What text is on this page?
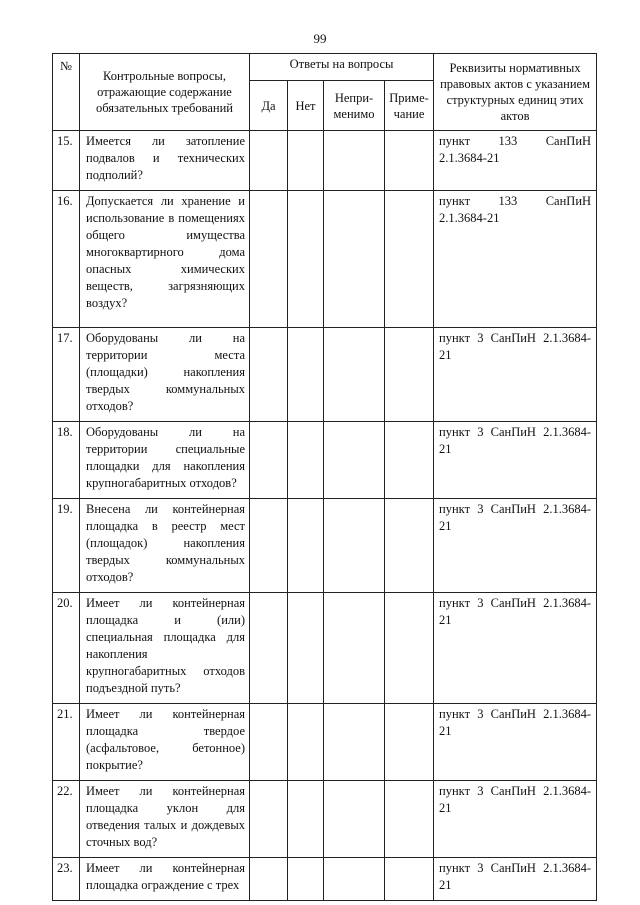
99
№	Контрольные вопросы, отражающие содержание обязательных требований	Ответы на вопросы				Реквизиты нормативных правовых актов с указанием структурных единиц этих актов
		Да	Нет	Непри-менимо	Приме-чание	
15.	Имеется ли затопление подвалов и технических подполий?					пункт 133 СанПиН 2.1.3684-21
16.	Допускается ли хранение и использование в помещениях общего имущества многоквартирного дома опасных химических веществ, загрязняющих воздух?					пункт 133 СанПиН 2.1.3684-21
17.	Оборудованы ли на территории места (площадки) накопления твердых коммунальных отходов?					пункт 3 СанПиН 2.1.3684-21
18.	Оборудованы ли на территории специальные площадки для накопления крупногабаритных отходов?					пункт 3 СанПиН 2.1.3684-21
19.	Внесена ли контейнерная площадка в реестр мест (площадок) накопления твердых коммунальных отходов?					пункт 3 СанПиН 2.1.3684-21
20.	Имеет ли контейнерная площадка и (или) специальная площадка для накопления крупногабаритных отходов подъездной путь?					пункт 3 СанПиН 2.1.3684-21
21.	Имеет ли контейнерная площадка твердое (асфальтовое, бетонное) покрытие?					пункт 3 СанПиН 2.1.3684-21
22.	Имеет ли контейнерная площадка уклон для отведения талых и дождевых сточных вод?					пункт 3 СанПиН 2.1.3684-21
23.	Имеет ли контейнерная площадка ограждение с трех					пункт 3 СанПиН 2.1.3684-21
